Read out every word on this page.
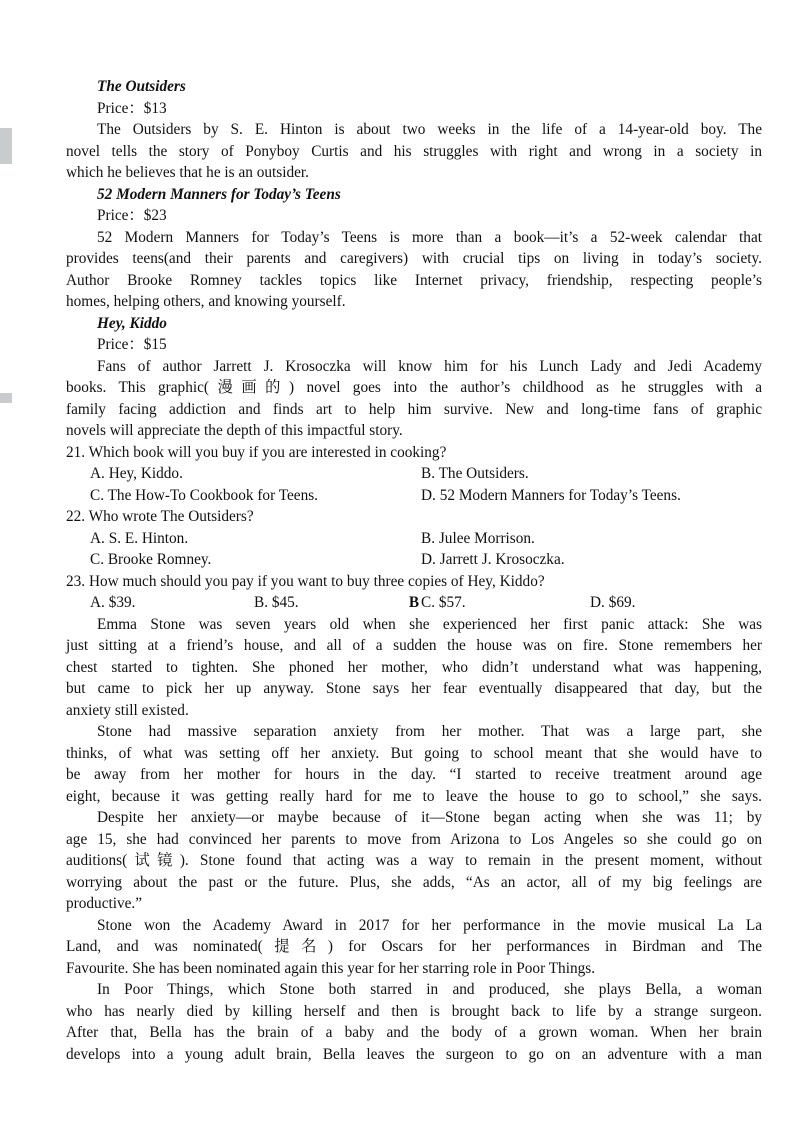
The Outsiders
Price：$13
The Outsiders by S. E. Hinton is about two weeks in the life of a 14-year-old boy. The
novel tells the story of Ponyboy Curtis and his struggles with right and wrong in a society in
which he believes that he is an outsider.
52 Modern Manners for Today’s Teens
Price：$23
52 Modern Manners for Today’s Teens is more than a book—it’s a 52-week calendar that
provides teens(and their parents and caregivers) with crucial tips on living in today’s society.
Author Brooke Romney tackles topics like Internet privacy, friendship, respecting people’s
homes, helping others, and knowing yourself.
Hey, Kiddo
Price：$15
Fans of author Jarrett J. Krosoczka will know him for his Lunch Lady and Jedi Academy
books. This graphic(漫画的) novel goes into the author’s childhood as he struggles with a
family facing addiction and finds art to help him survive. New and long-time fans of graphic
novels will appreciate the depth of this impactful story.
21. Which book will you buy if you are interested in cooking?
A. Hey, Kiddo.	B. The Outsiders.
C. The How-To Cookbook for Teens.	D. 52 Modern Manners for Today’s Teens.
22. Who wrote The Outsiders?
A. S. E. Hinton.	B. Julee Morrison.
C. Brooke Romney.	D. Jarrett J. Krosoczka.
23. How much should you pay if you want to buy three copies of Hey, Kiddo?
A. $39.	B. $45.	C. $57.	D. $69.
B
Emma Stone was seven years old when she experienced her first panic attack: She was
just sitting at a friend’s house, and all of a sudden the house was on fire. Stone remembers her
chest started to tighten. She phoned her mother, who didn’t understand what was happening,
but came to pick her up anyway. Stone says her fear eventually disappeared that day, but the
anxiety still existed.
Stone had massive separation anxiety from her mother. That was a large part, she
thinks, of what was setting off her anxiety. But going to school meant that she would have to
be away from her mother for hours in the day. “I started to receive treatment around age
eight, because it was getting really hard for me to leave the house to go to school,” she says.
Despite her anxiety—or maybe because of it—Stone began acting when she was 11; by
age 15, she had convinced her parents to move from Arizona to Los Angeles so she could go on
auditions(试镜). Stone found that acting was a way to remain in the present moment, without
worrying about the past or the future. Plus, she adds, “As an actor, all of my big feelings are
productive.”
Stone won the Academy Award in 2017 for her performance in the movie musical La La
Land, and was nominated(提名) for Oscars for her performances in Birdman and The
Favourite. She has been nominated again this year for her starring role in Poor Things.
In Poor Things, which Stone both starred in and produced, she plays Bella, a woman
who has nearly died by killing herself and then is brought back to life by a strange surgeon.
After that, Bella has the brain of a baby and the body of a grown woman. When her brain
develops into a young adult brain, Bella leaves the surgeon to go on an adventure with a man
